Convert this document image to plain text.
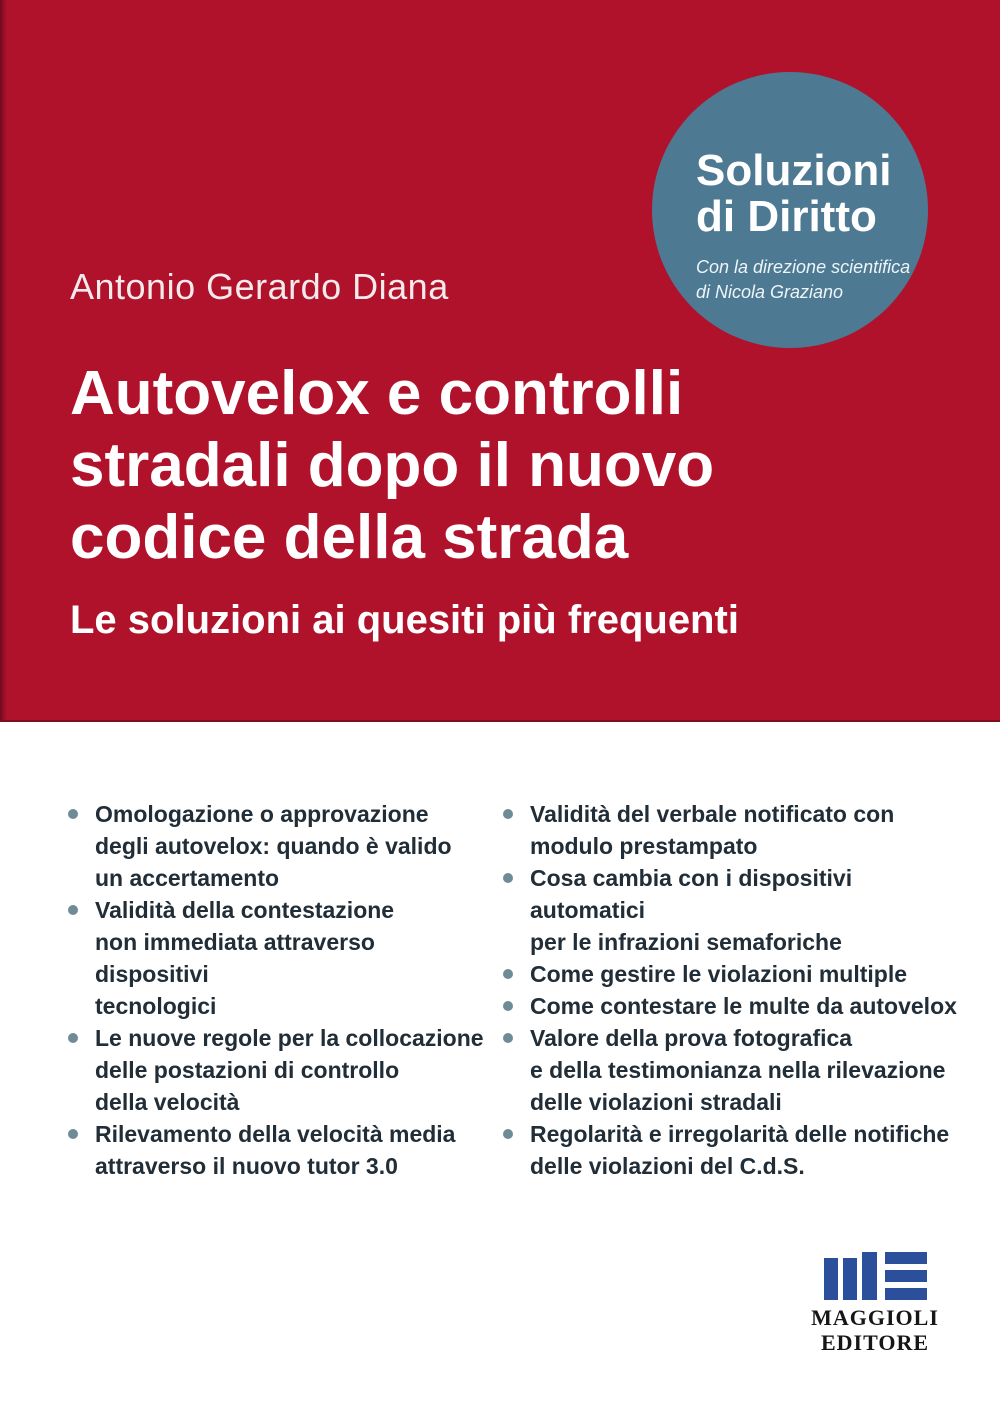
Soluzioni
di Diritto
Con la direzione scientifica
di Nicola Graziano
Antonio Gerardo Diana
Autovelox e controlli
stradali dopo il nuovo
codice della strada
Le soluzioni ai quesiti più frequenti
Omologazione o approvazione
degli autovelox: quando è valido
un accertamento
Validità della contestazione
non immediata attraverso dispositivi
tecnologici
Le nuove regole per la collocazione
delle postazioni di controllo
della velocità
Rilevamento della velocità media
attraverso il nuovo tutor 3.0
Validità del verbale notificato con
modulo prestampato
Cosa cambia con i dispositivi automatici
per le infrazioni semaforiche
Come gestire le violazioni multiple
Come contestare le multe da autovelox
Valore della prova fotografica
e della testimonianza nella rilevazione
delle violazioni stradali
Regolarità e irregolarità delle notifiche
delle violazioni del C.d.S.
MAGGIOLI
EDITORE
